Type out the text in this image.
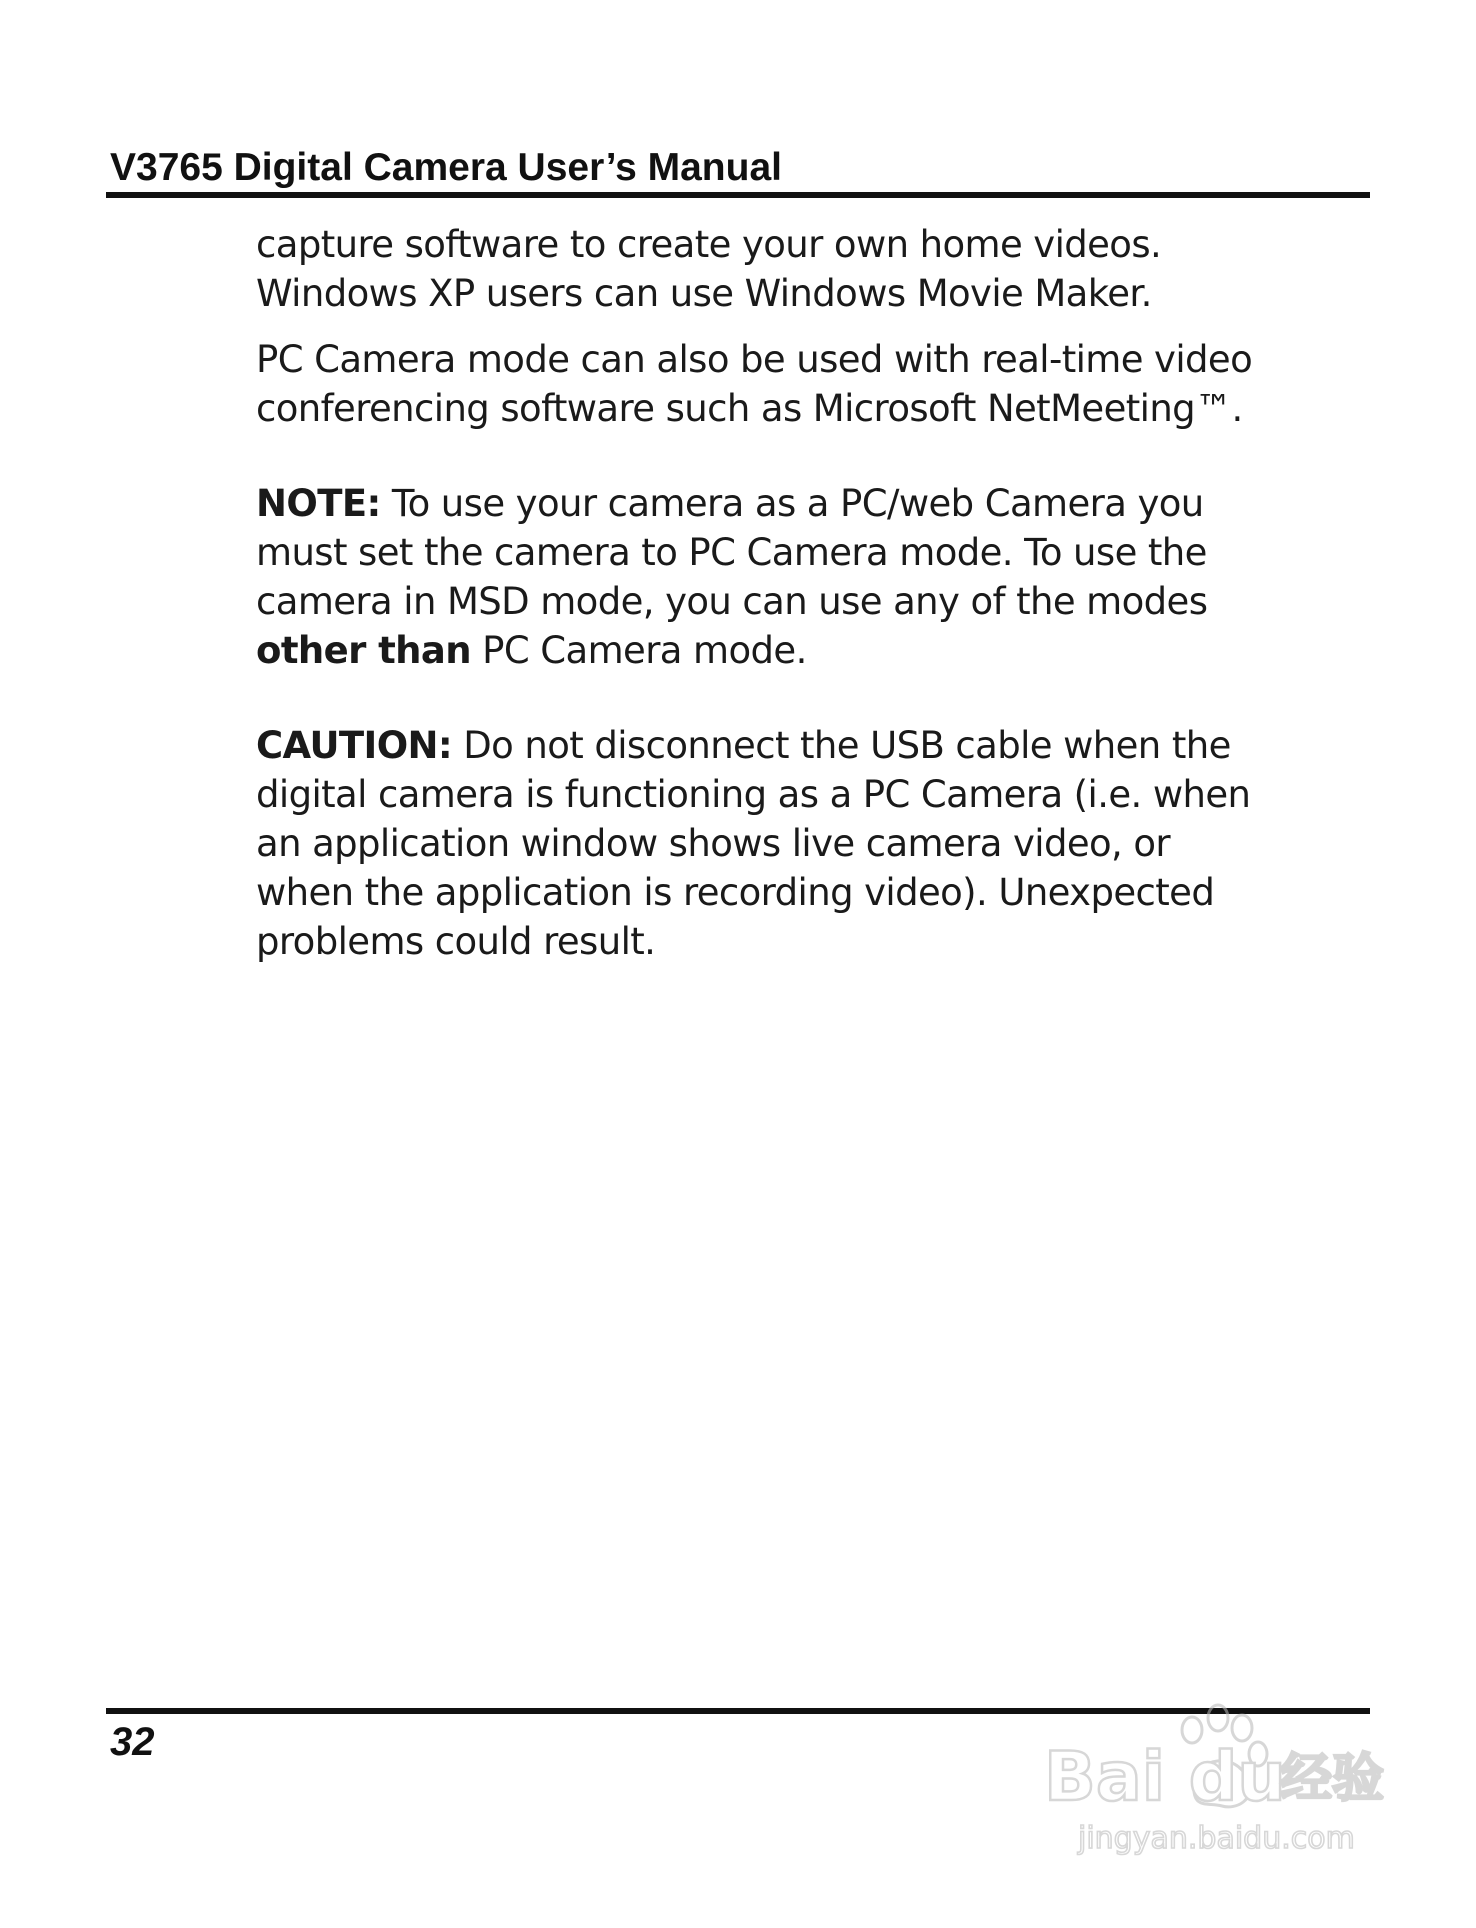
V3765 Digital Camera User’s Manual

capture software to create your own home videos.
Windows XP users can use Windows Movie Maker.

PC Camera mode can also be used with real-time video
conferencing software such as Microsoft NetMeeting™.

NOTE: To use your camera as a PC/web Camera you
must set the camera to PC Camera mode. To use the
camera in MSD mode, you can use any of the modes
other than PC Camera mode.

CAUTION: Do not disconnect the USB cable when the
digital camera is functioning as a PC Camera (i.e. when
an application window shows live camera video, or
when the application is recording video). Unexpected
problems could result.

32	Bai du
经验
jingyan.baidu.com
